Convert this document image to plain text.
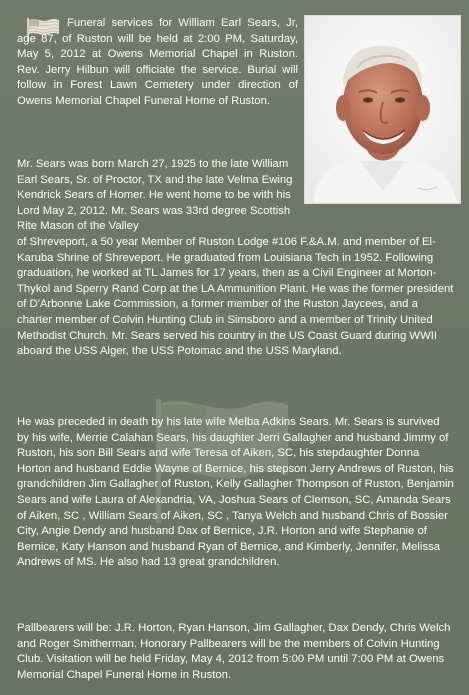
Funeral services for William Earl Sears, Jr, age 87, of Ruston will be held at 2:00 PM, Saturday, May 5, 2012 at Owens Memorial Chapel in Ruston. Rev. Jerry Hilbun will officiate the service. Burial will follow in Forest Lawn Cemetery under direction of Owens Memorial Chapel Funeral Home of Ruston.

Mr. Sears was born March 27, 1925 to the late William Earl Sears, Sr. of Proctor, TX and the late Velma Ewing Kendrick Sears of Homer. He went home to be with his Lord May 2, 2012. Mr. Sears was 33rd degree Scottish Rite Mason of the Valley
of Shreveport, a 50 year Member of Ruston Lodge #106 F.&A.M. and member of El-Karuba Shrine of Shreveport. He graduated from Louisiana Tech in 1952. Following graduation, he worked at TL James for 17 years, then as a Civil Engineer at Morton-Thykol and Sperry Rand Corp at the LA Ammunition Plant. He was the former president of D'Arbonne Lake Commission, a former member of the Ruston Jaycees, and a charter member of Colvin Hunting Club in Simsboro and a member of Trinity United Methodist Church. Mr. Sears served his country in the US Coast Guard during WWII aboard the USS Alger, the USS Potomac and the USS Maryland.

He was preceded in death by his late wife Melba Adkins Sears. Mr. Sears is survived by his wife, Merrie Calahan Sears, his daughter Jerri Gallagher and husband Jimmy of Ruston, his son Bill Sears and wife Teresa of Aiken, SC, his stepdaughter Donna Horton and husband Eddie Wayne of Bernice, his stepson Jerry Andrews of Ruston, his grandchildren Jim Gallagher of Ruston, Kelly Gallagher Thompson of Ruston, Benjamin Sears and wife Laura of Alexandria, VA, Joshua Sears of Clemson, SC, Amanda Sears of Aiken, SC , William Sears of Aiken, SC , Tanya Welch and husband Chris of Bossier City, Angie Dendy and husband Dax of Bernice, J.R. Horton and wife Stephanie of Bernice, Katy Hanson and husband Ryan of Bernice, and Kimberly, Jennifer, Melissa Andrews of MS. He also had 13 great grandchildren.

Pallbearers will be: J.R. Horton, Ryan Hanson, Jim Gallagher, Dax Dendy, Chris Welch and Roger Smitherman. Honorary Pallbearers will be the members of Colvin Hunting Club. Visitation will be held Friday, May 4, 2012 from 5:00 PM until 7:00 PM at Owens Memorial Chapel Funeral Home in Ruston.
